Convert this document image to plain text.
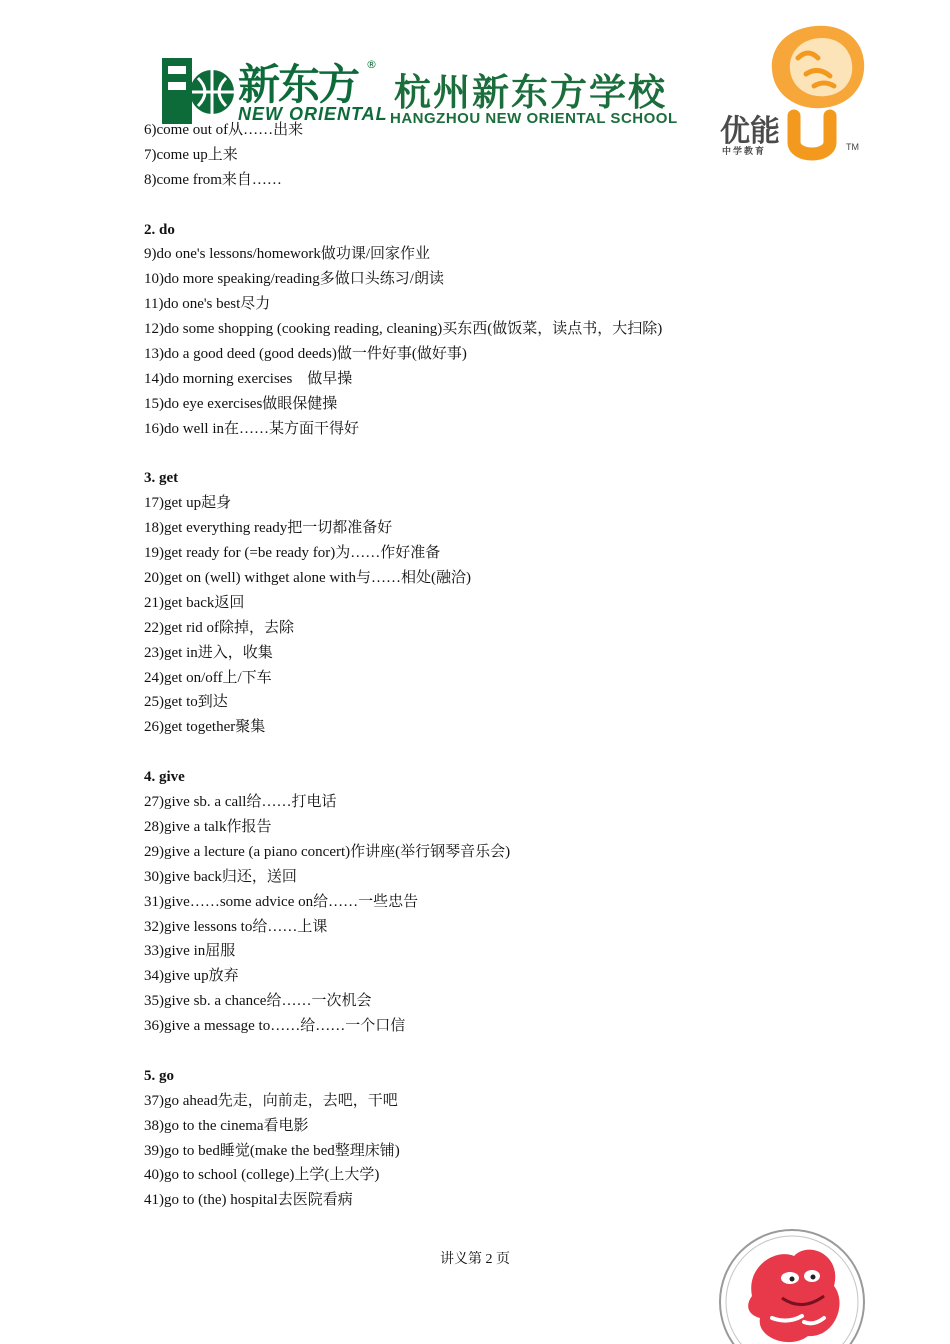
新东方 ®
NEW ORIENTAL 杭州新东方学校
HANGZHOU NEW ORIENTAL SCHOOL 优能
中学教育	TM
6)come out of从……出来
7)come up上来
8)come from来自……
2. do
9)do one's lessons/homework做功课/回家作业
10)do more speaking/reading多做口头练习/朗读
11)do one's best尽力
12)do some shopping (cooking reading, cleaning)买东西(做饭菜，读点书，大扫除)
13)do a good deed (good deeds)做一件好事(做好事)
14)do morning exercises　做早操
15)do eye exercises做眼保健操
16)do well in在……某方面干得好
3. get
17)get up起身
18)get everything ready把一切都准备好
19)get ready for (=be ready for)为……作好准备
20)get on (well) withget alone with与……相处(融洽)
21)get back返回
22)get rid of除掉，去除
23)get in进入，收集
24)get on/off上/下车
25)get to到达
26)get together聚集
4. give
27)give sb. a call给……打电话
28)give a talk作报告
29)give a lecture (a piano concert)作讲座(举行钢琴音乐会)
30)give back归还，送回
31)give……some advice on给……一些忠告
32)give lessons to给……上课
33)give in屈服
34)give up放弃
35)give sb. a chance给……一次机会
36)give a message to……给……一个口信
5. go
37)go ahead先走，向前走，去吧，干吧
38)go to the cinema看电影
39)go to bed睡觉(make the bed整理床铺)
40)go to school (college)上学(上大学)
41)go to (the) hospital去医院看病
讲义第 2 页
